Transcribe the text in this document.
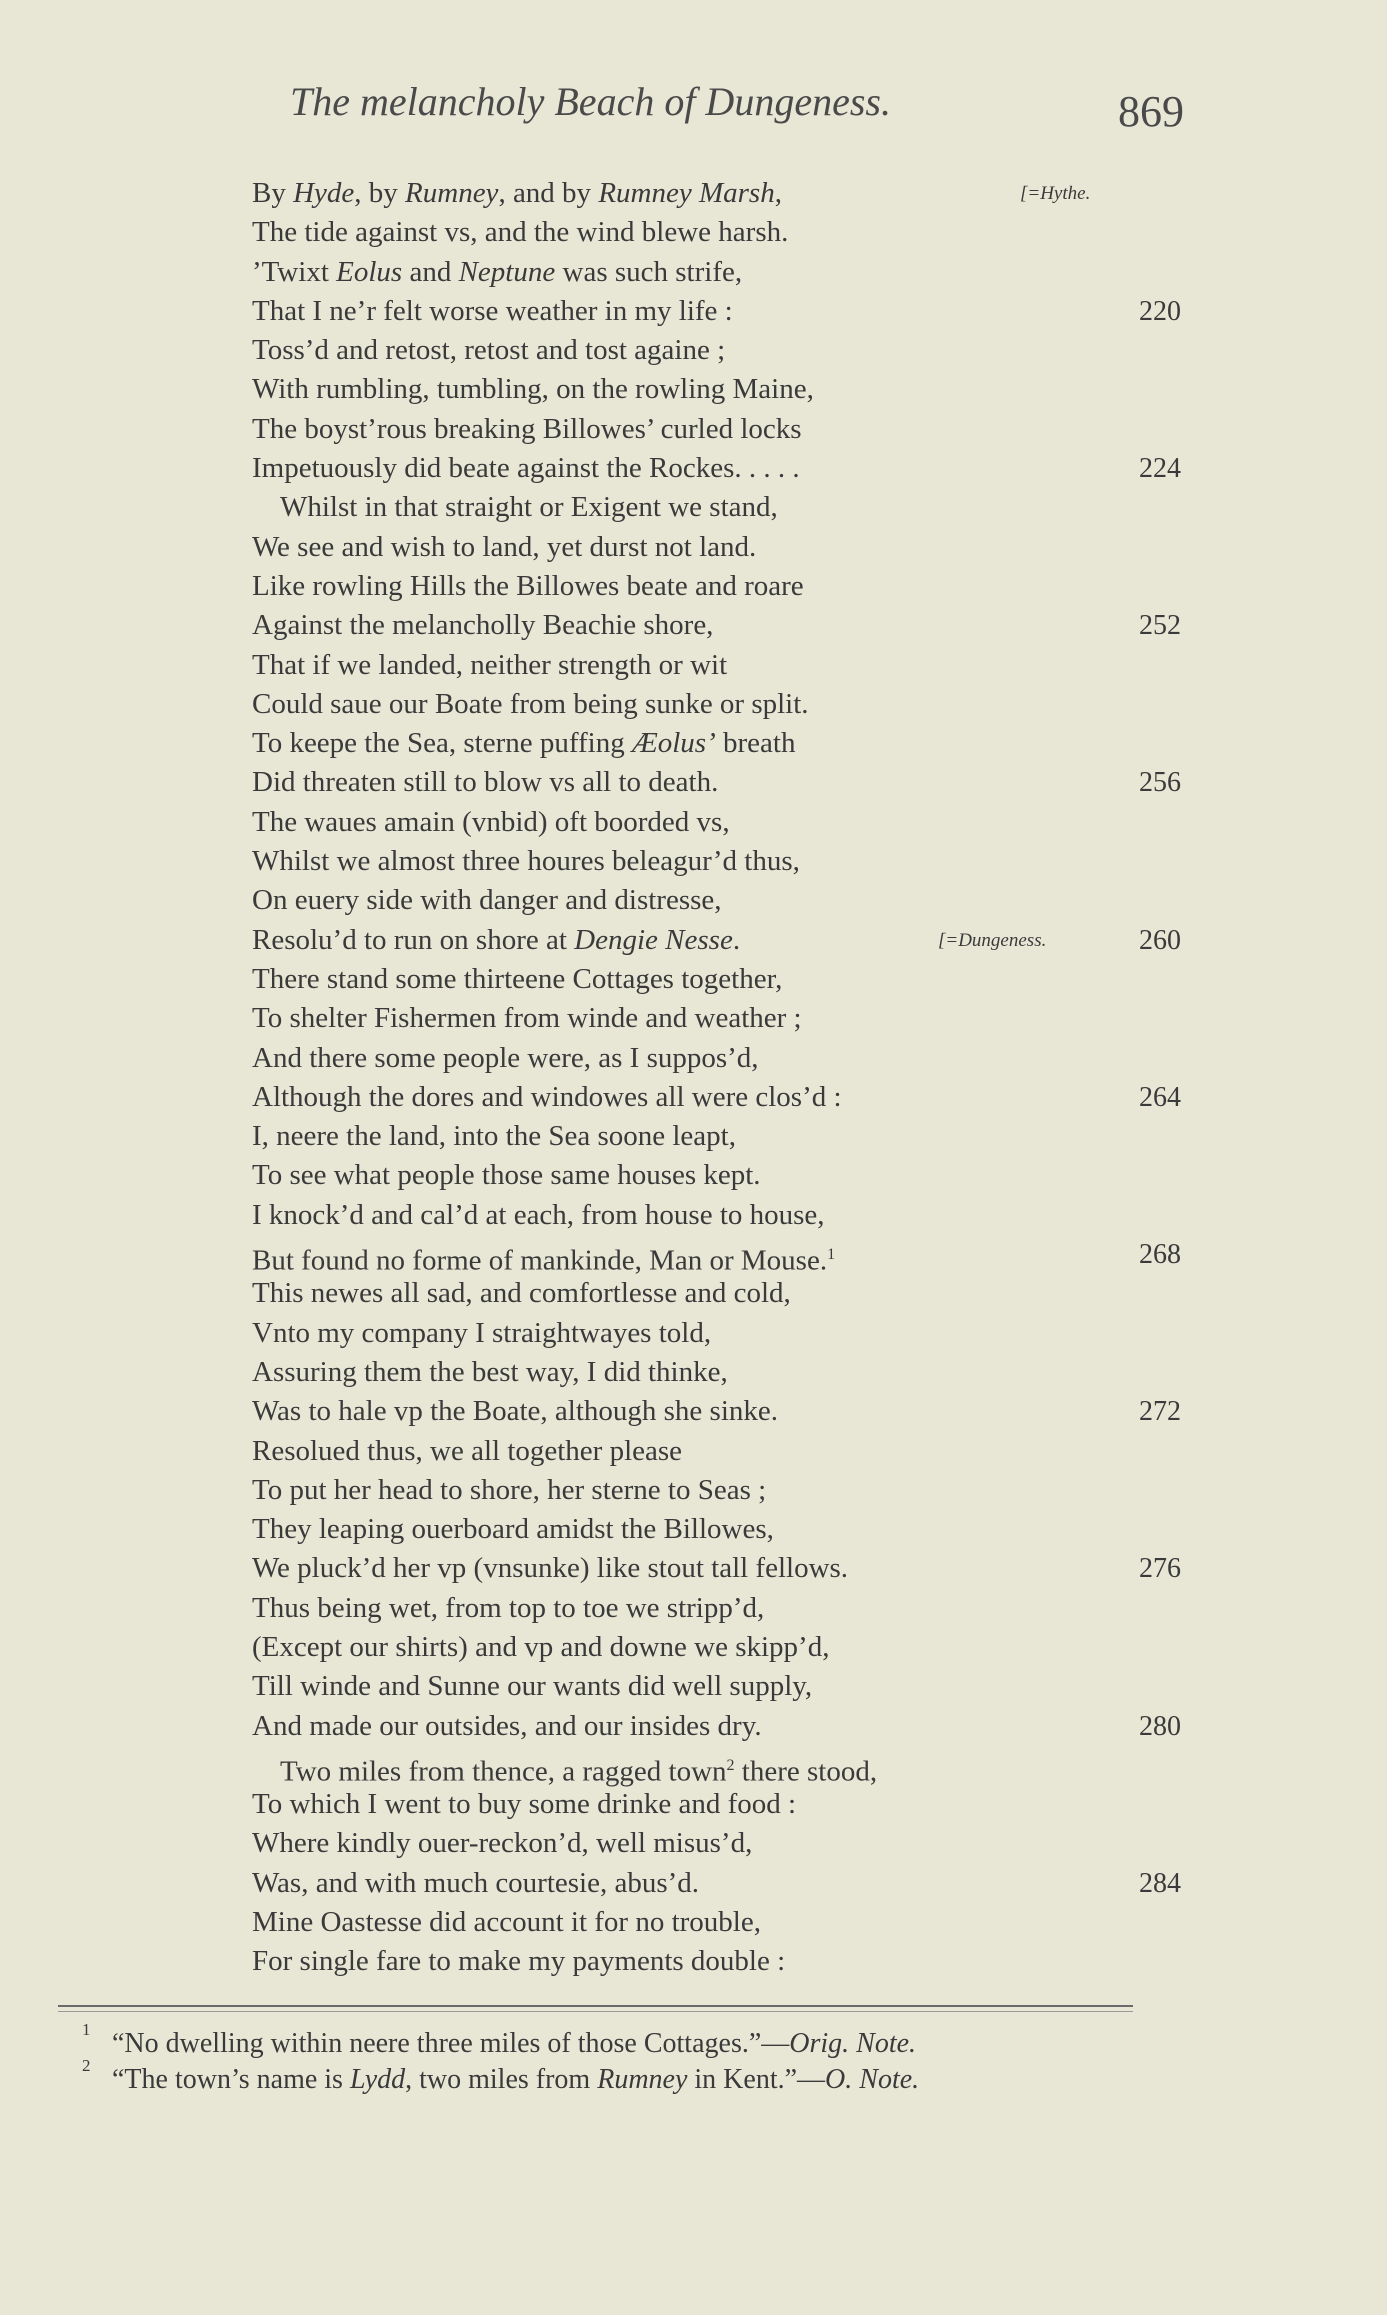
The melancholy Beach of Dungeness.	869
By Hyde, by Rumney, and by Rumney Marsh,	[=Hythe.
The tide against vs, and the wind blewe harsh.
’Twixt Eolus and Neptune was such strife,
That I ne’r felt worse weather in my life :	220
Toss’d and retost, retost and tost againe ;
With rumbling, tumbling, on the rowling Maine,
The boyst’rous breaking Billowes’ curled locks
Impetuously did beate against the Rockes. . . . .	224
Whilst in that straight or Exigent we stand,
We see and wish to land, yet durst not land.
Like rowling Hills the Billowes beate and roare
Against the melancholly Beachie shore,	252
That if we landed, neither strength or wit
Could saue our Boate from being sunke or split.
To keepe the Sea, sterne puffing Æolus’ breath
Did threaten still to blow vs all to death.	256
The waues amain (vnbid) oft boorded vs,
Whilst we almost three houres beleagur’d thus,
On euery side with danger and distresse,
Resolu’d to run on shore at Dengie Nesse.	[=Dungeness.	260
There stand some thirteene Cottages together,
To shelter Fishermen from winde and weather ;
And there some people were, as I suppos’d,
Although the dores and windowes all were clos’d :	264
I, neere the land, into the Sea soone leapt,
To see what people those same houses kept.
I knock’d and cal’d at each, from house to house,
But found no forme of mankinde, Man or Mouse.$^1$	268
This newes all sad, and comfortlesse and cold,
Vnto my company I straightwayes told,
Assuring them the best way, I did thinke,
Was to hale vp the Boate, although she sinke.	272
Resolued thus, we all together please
To put her head to shore, her sterne to Seas ;
They leaping ouerboard amidst the Billowes,
We pluck’d her vp (vnsunke) like stout tall fellows.	276
Thus being wet, from top to toe we stripp’d,
(Except our shirts) and vp and downe we skipp’d,
Till winde and Sunne our wants did well supply,
And made our outsides, and our insides dry.	280
Two miles from thence, a ragged town$^2$ there stood,
To which I went to buy some drinke and food :
Where kindly ouer-reckon’d, well misus’d,
Was, and with much courtesie, abus’d.	284
Mine Oastesse did account it for no trouble,
For single fare to make my payments double :
1 “No dwelling within neere three miles of those Cottages.”—Orig. Note.
2 “The town’s name is Lydd, two miles from Rumney in Kent.”—O. Note.
